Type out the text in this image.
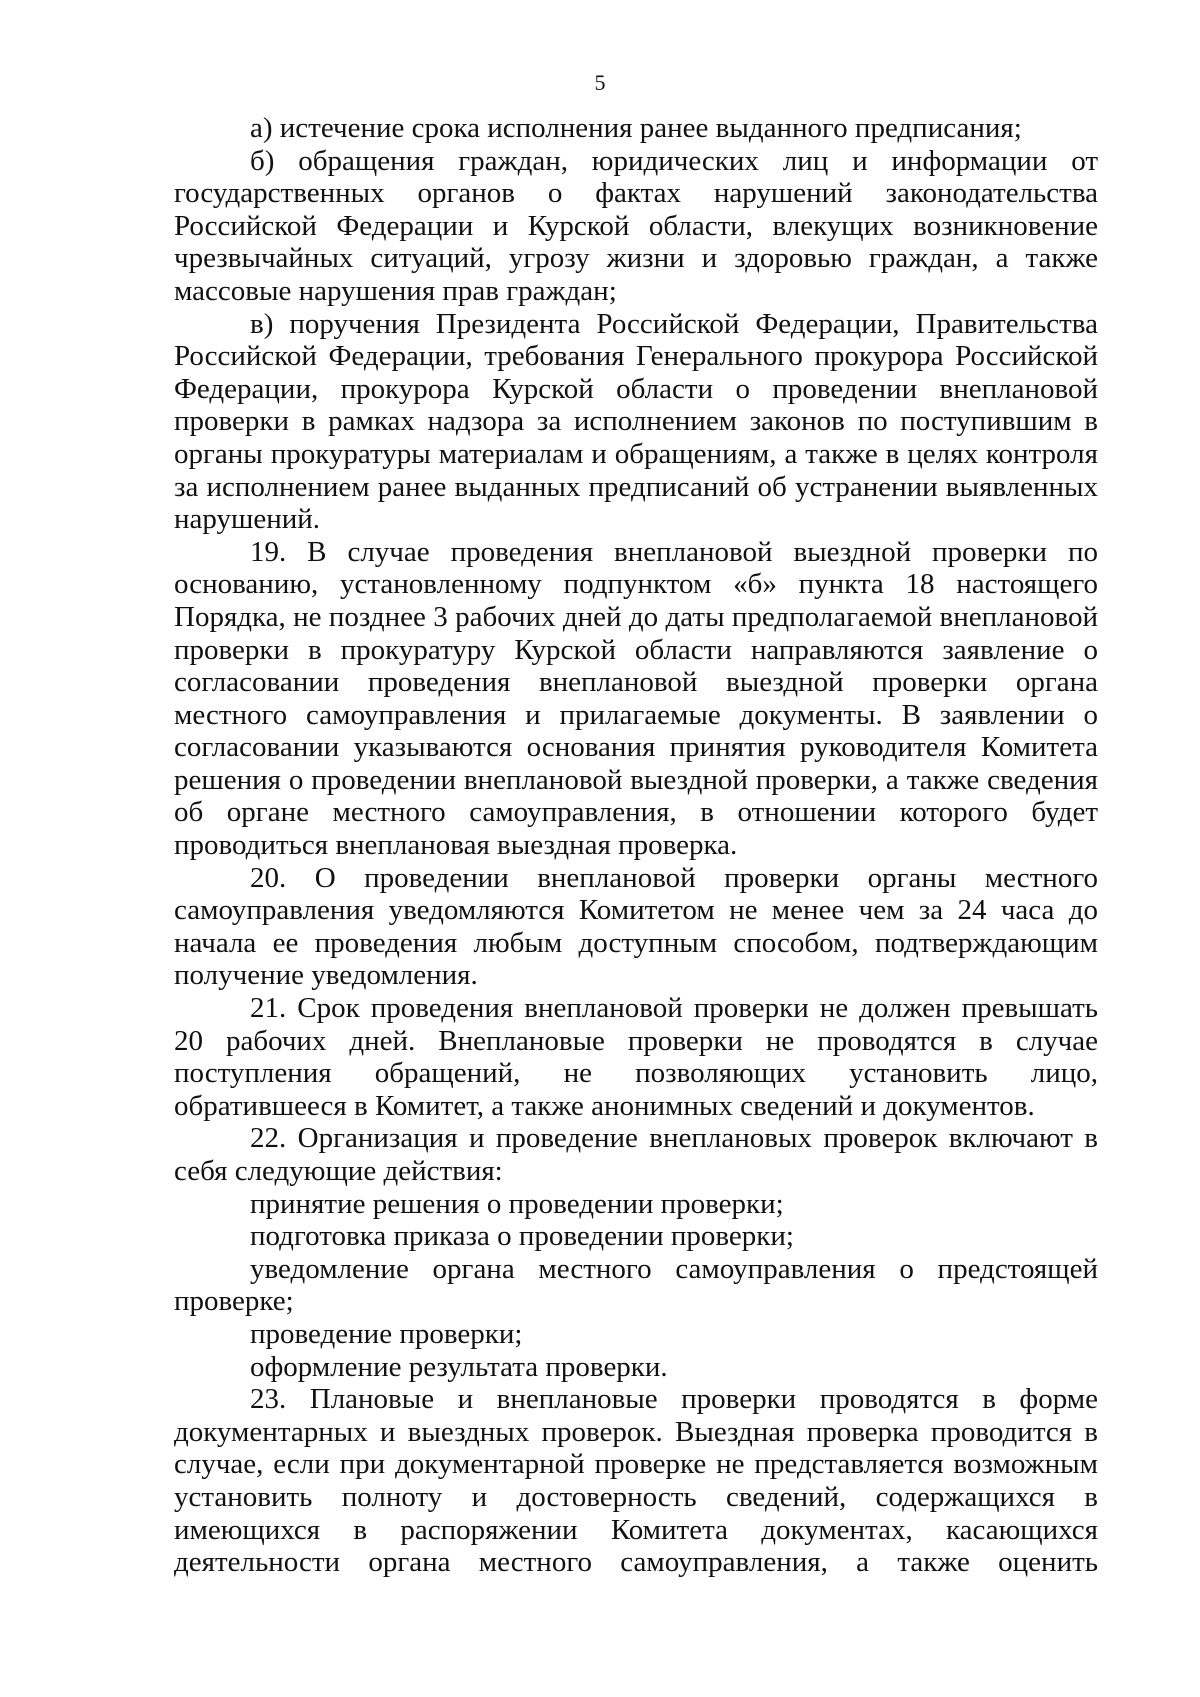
5

а) истечение срока исполнения ранее выданного предписания;

б) обращения граждан, юридических лиц и информации от государственных органов о фактах нарушений законодательства Российской Федерации и Курской области, влекущих возникновение чрезвычайных ситуаций, угрозу жизни и здоровью граждан, а также массовые нарушения прав граждан;

в) поручения Президента Российской Федерации, Правительства Российской Федерации, требования Генерального прокурора Российской Федерации, прокурора Курской области о проведении внеплановой проверки в рамках надзора за исполнением законов по поступившим в органы прокуратуры материалам и обращениям, а также в целях контроля за исполнением ранее выданных предписаний об устранении выявленных нарушений.

19. В случае проведения внеплановой выездной проверки по основанию, установленному подпунктом «б» пункта 18 настоящего Порядка, не позднее 3 рабочих дней до даты предполагаемой внеплановой проверки в прокуратуру Курской области направляются заявление о согласовании проведения внеплановой выездной проверки органа местного самоуправления и прилагаемые документы. В заявлении о согласовании указываются основания принятия руководителя Комитета решения о проведении внеплановой выездной проверки, а также сведения об органе местного самоуправления, в отношении которого будет проводиться внеплановая выездная проверка.

20. О проведении внеплановой проверки органы местного самоуправления уведомляются Комитетом не менее чем за 24 часа до начала ее проведения любым доступным способом, подтверждающим получение уведомления.

21. Срок проведения внеплановой проверки не должен превышать 20 рабочих дней. Внеплановые проверки не проводятся в случае поступления обращений, не позволяющих установить лицо, обратившееся в Комитет, а также анонимных сведений и документов.

22. Организация и проведение внеплановых проверок включают в себя следующие действия:

принятие решения о проведении проверки;

подготовка приказа о проведении проверки;

уведомление органа местного самоуправления о предстоящей проверке;

проведение проверки;

оформление результата проверки.

23. Плановые и внеплановые проверки проводятся в форме документарных и выездных проверок. Выездная проверка проводится в случае, если при документарной проверке не представляется возможным установить полноту и достоверность сведений, содержащихся в имеющихся в распоряжении Комитета документах, касающихся деятельности органа местного самоуправления, а также оценить
